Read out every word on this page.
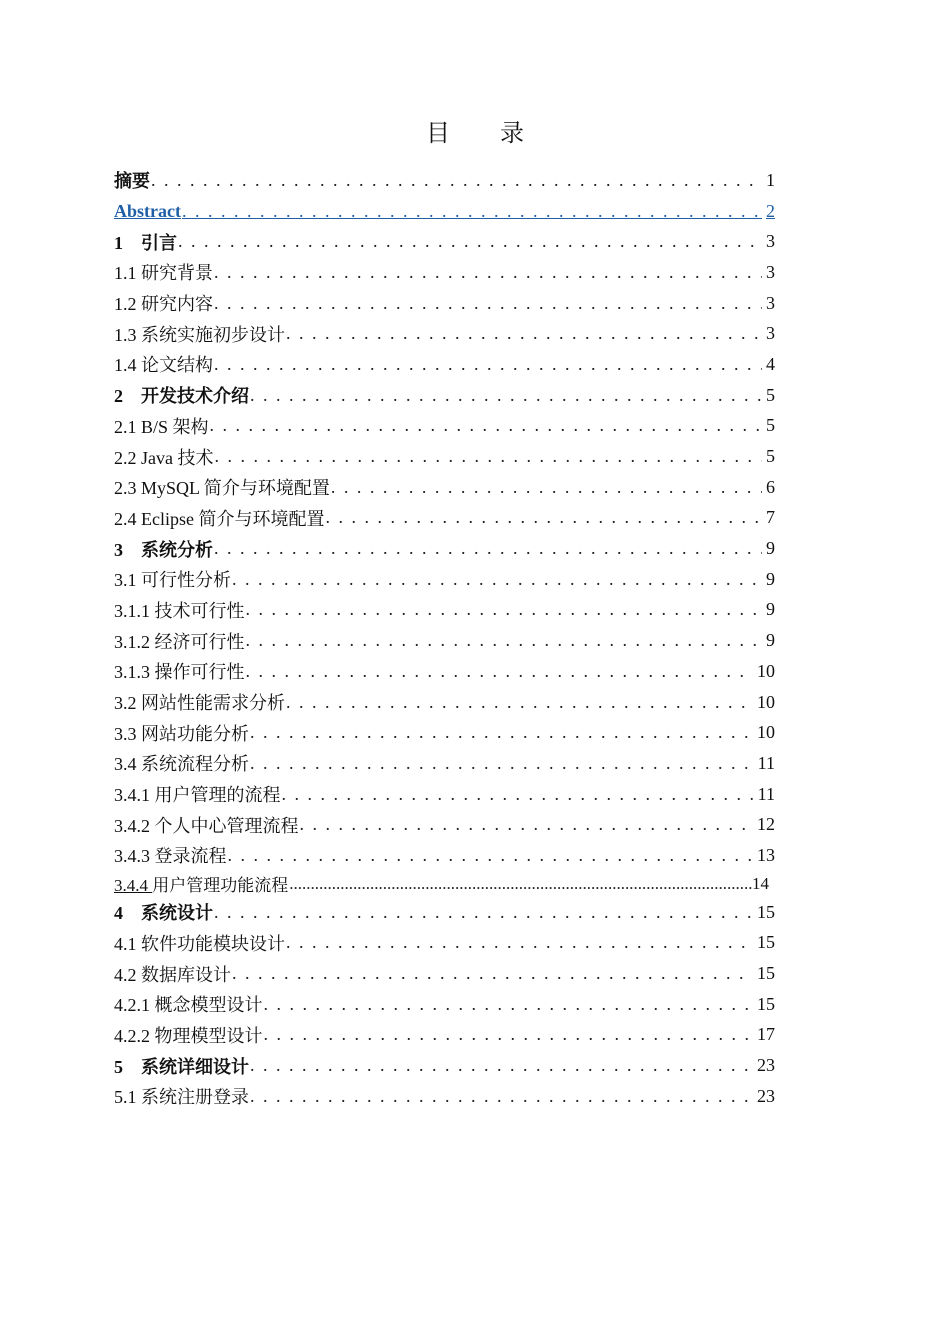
目 录
摘要 . . .	1
Abstract . . .	2
1　引言 . . .	3
1.1 研究背景 . . .	3
1.2 研究内容 . . .	3
1.3 系统实施初步设计 . . .	3
1.4 论文结构 . . .	4
2　开发技术介绍 . . .	5
2.1 B/S 架构 . . .	5
2.2 Java 技术 . . .	5
2.3 MySQL 简介与环境配置 . . .	6
2.4 Eclipse 简介与环境配置 . . .	7
3　系统分析 . . .	9
3.1 可行性分析 . . .	9
3.1.1 技术可行性 . . .	9
3.1.2 经济可行性 . . .	9
3.1.3 操作可行性 . . .	10
3.2 网站性能需求分析 . . .	10
3.3 网站功能分析 . . .	10
3.4 系统流程分析 . . .	11
3.4.1 用户管理的流程 . . .	11
3.4.2 个人中心管理流程 . . .	12
3.4.3 登录流程 . . .	13
3.4.4 用户管理功能流程 .....	14
4　系统设计 . . .	15
4.1 软件功能模块设计 . . .	15
4.2 数据库设计 . . .	15
4.2.1 概念模型设计 . . .	15
4.2.2 物理模型设计 . . .	17
5　系统详细设计 . . .	23
5.1 系统注册登录 . . .	23
